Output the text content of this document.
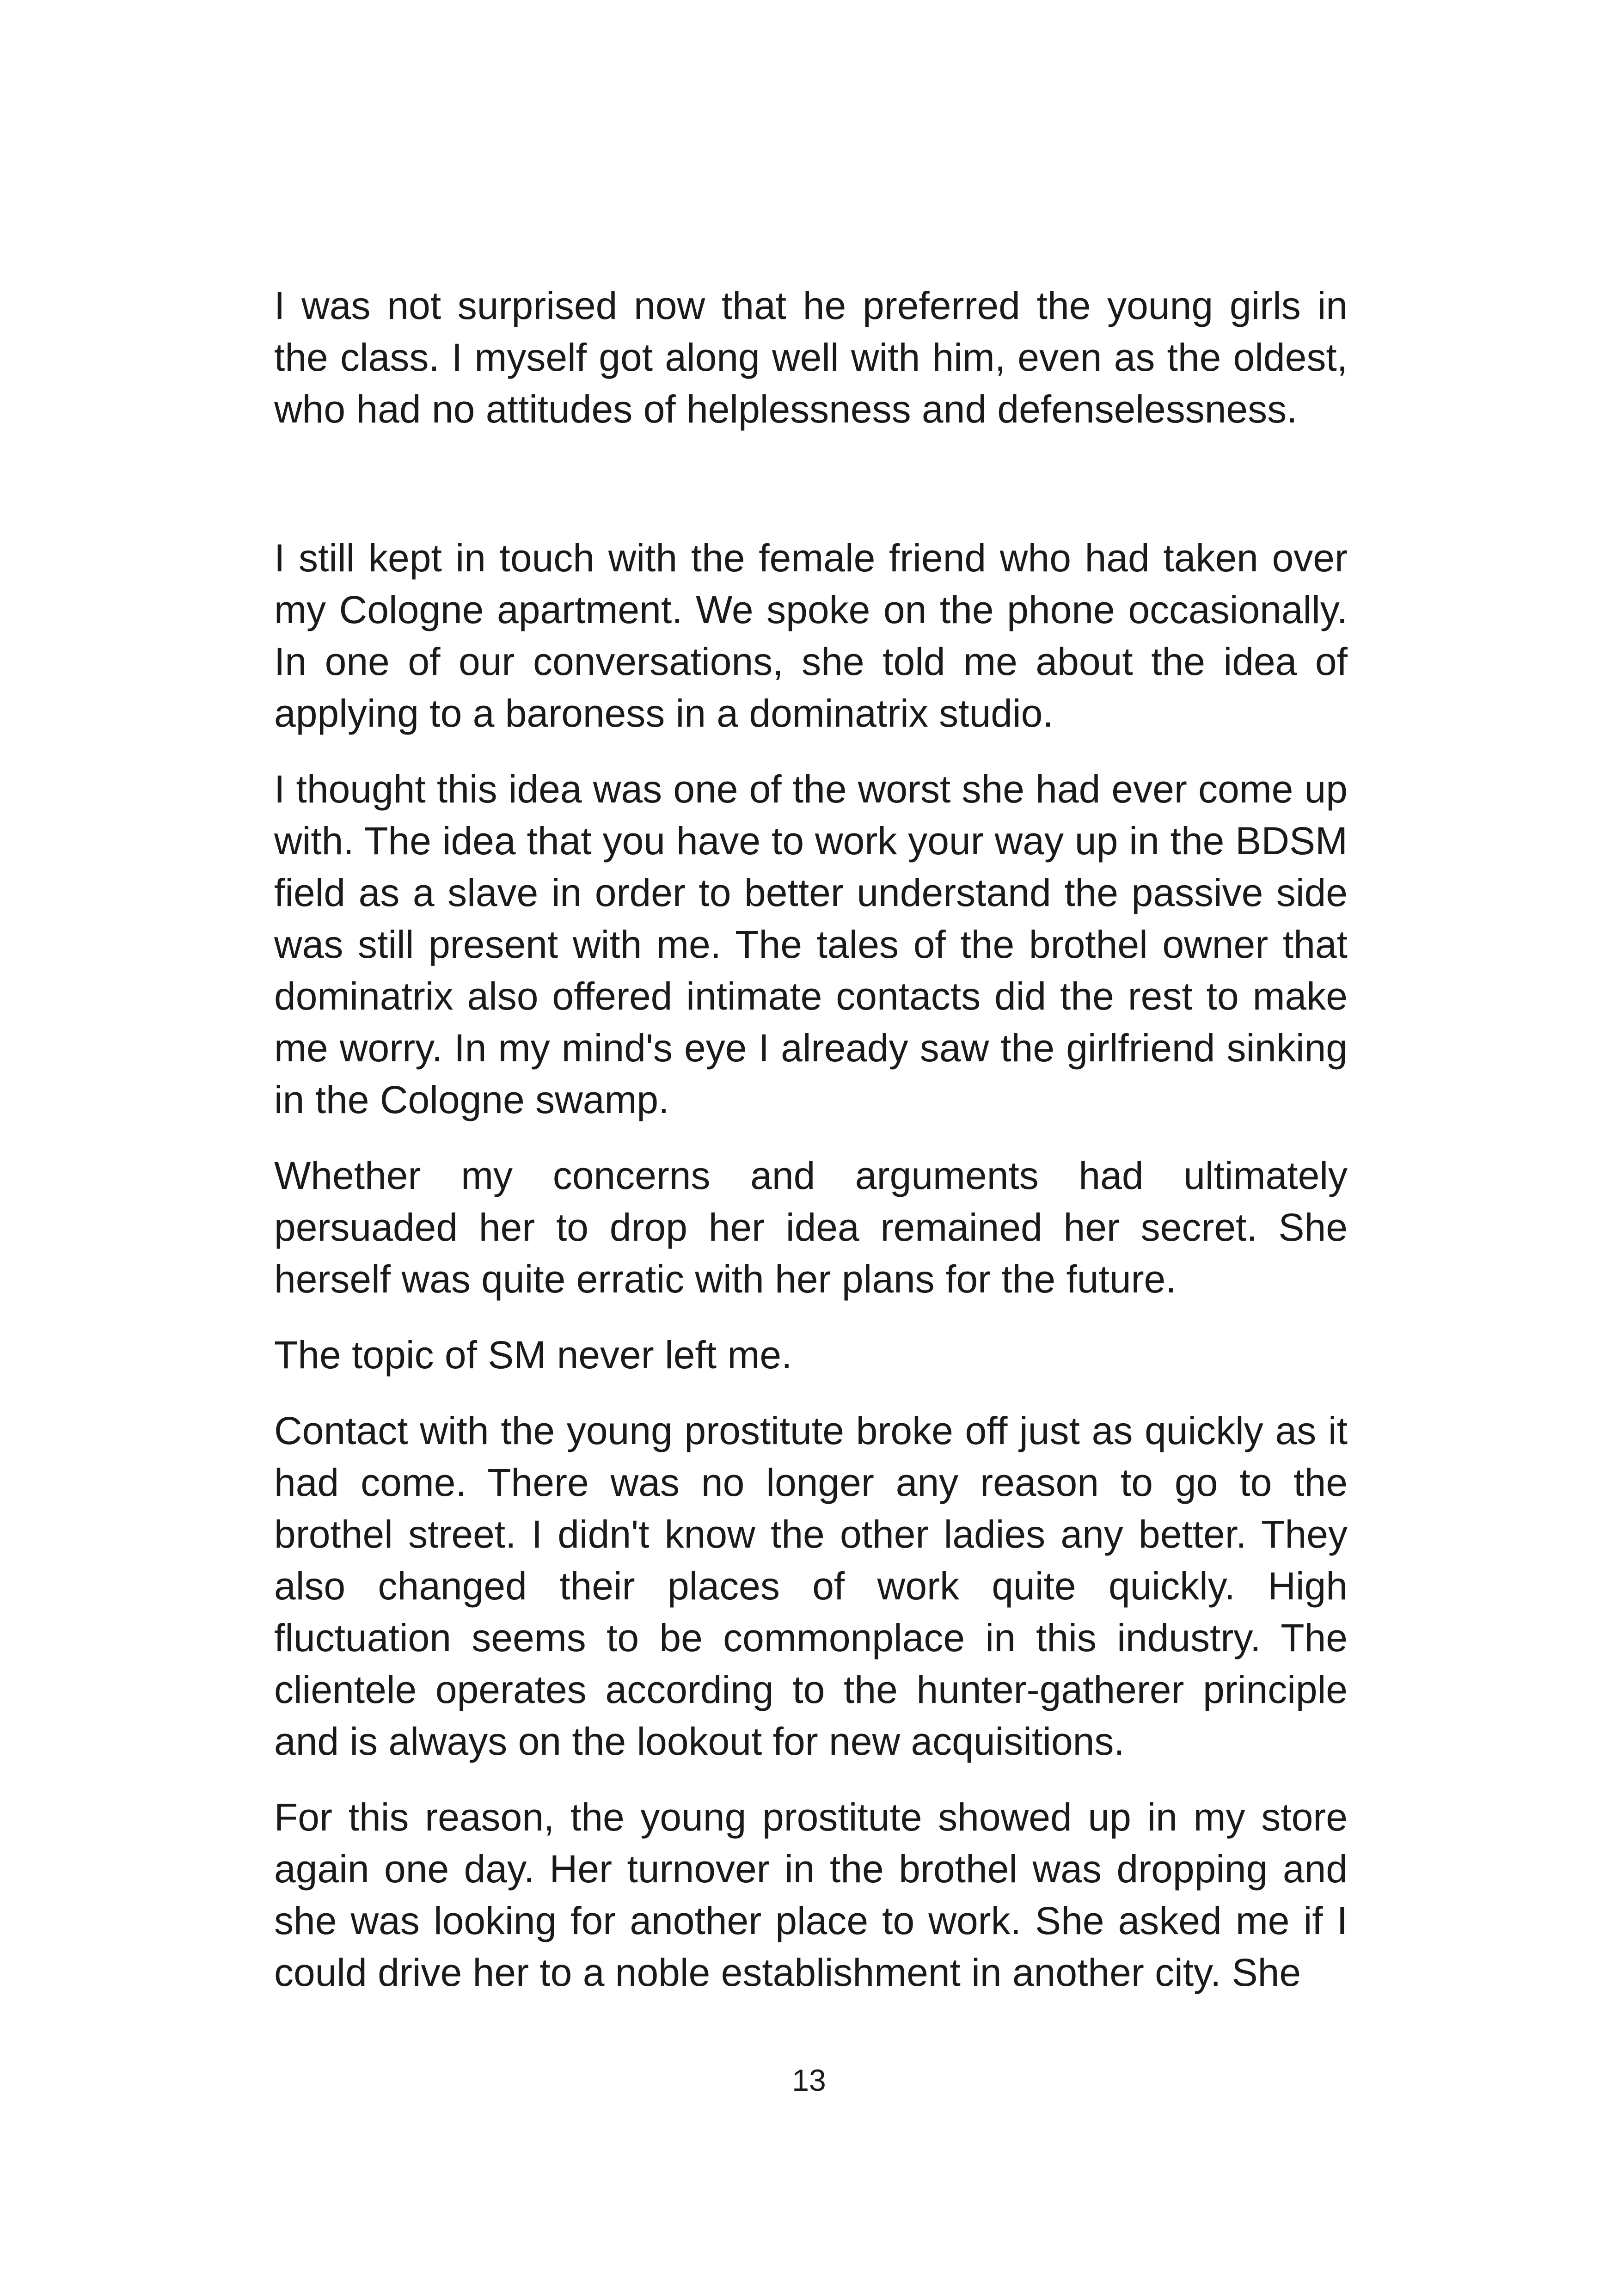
I was not surprised now that he preferred the young girls in the class. I myself got along well with him, even as the oldest, who had no attitudes of helplessness and defenselessness.

I still kept in touch with the female friend who had taken over my Cologne apartment. We spoke on the phone occasionally. In one of our conversations, she told me about the idea of applying to a baroness in a dominatrix studio.

I thought this idea was one of the worst she had ever come up with. The idea that you have to work your way up in the BDSM field as a slave in order to better understand the passive side was still present with me. The tales of the brothel owner that dominatrix also offered intimate contacts did the rest to make me worry. In my mind's eye I already saw the girlfriend sinking in the Cologne swamp.

Whether my concerns and arguments had ultimately persuaded her to drop her idea remained her secret. She herself was quite erratic with her plans for the future.

The topic of SM never left me.

Contact with the young prostitute broke off just as quickly as it had come. There was no longer any reason to go to the brothel street. I didn't know the other ladies any better. They also changed their places of work quite quickly. High fluctuation seems to be commonplace in this industry. The clientele operates according to the hunter-gatherer principle and is always on the lookout for new acquisitions.

For this reason, the young prostitute showed up in my store again one day. Her turnover in the brothel was dropping and she was looking for another place to work. She asked me if I could drive her to a noble establishment in another city. She

13
